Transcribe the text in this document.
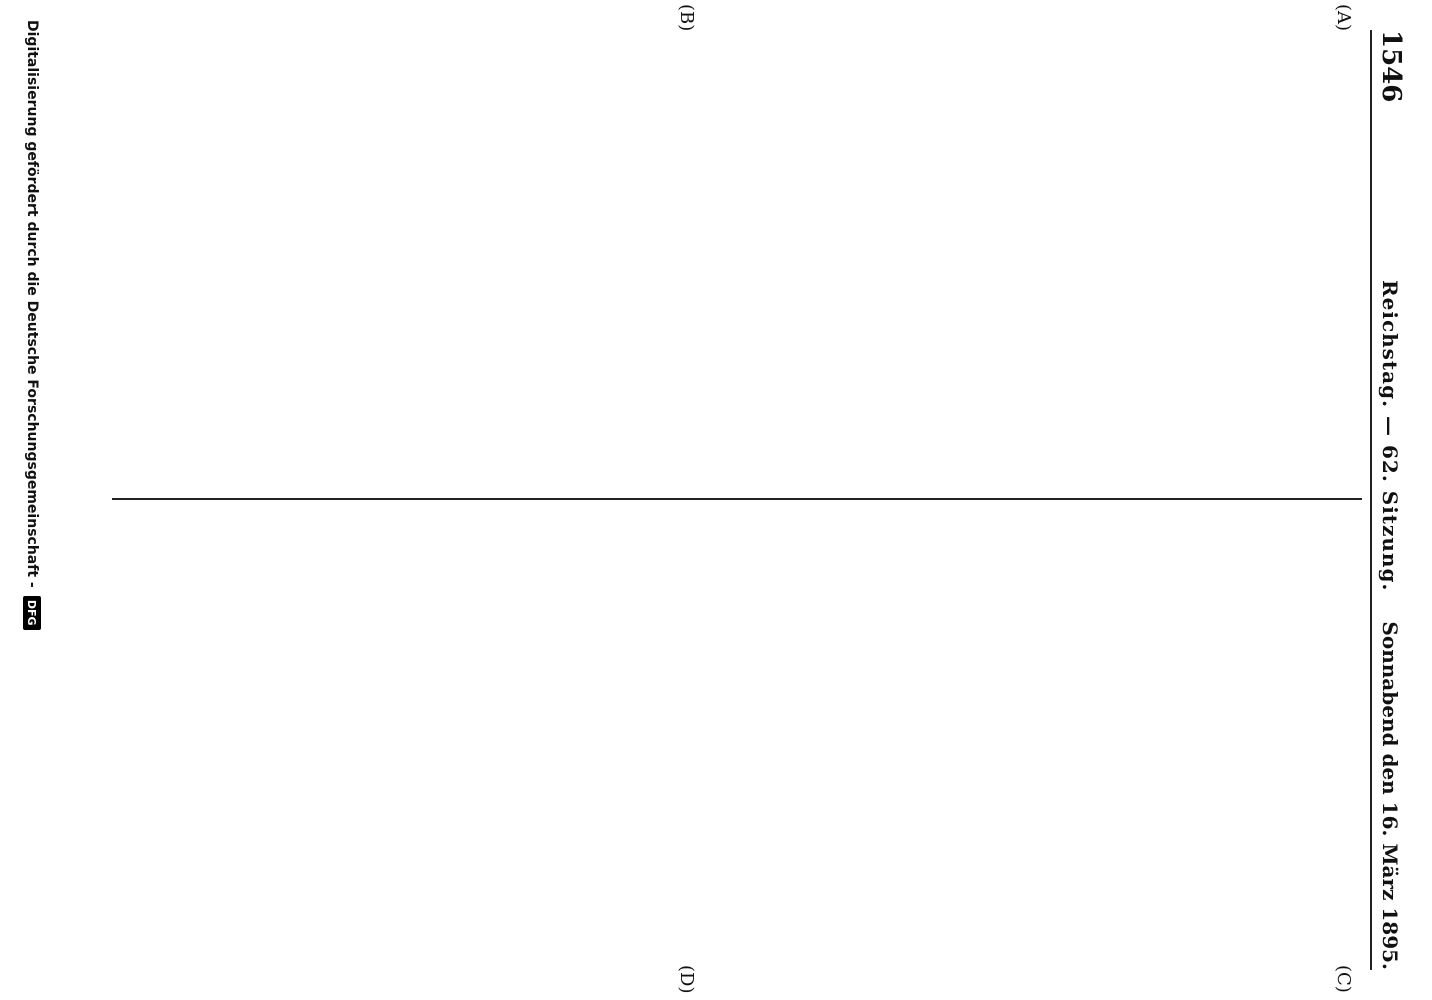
1546
Reichstag. — 62. Sitzung.
Sonnabend den 16. März 1895.
(A)
(B)
(C)
(D)
Digitalisierung gefördert durch die Deutsche Forschungsgemeinschaft -
DFG
